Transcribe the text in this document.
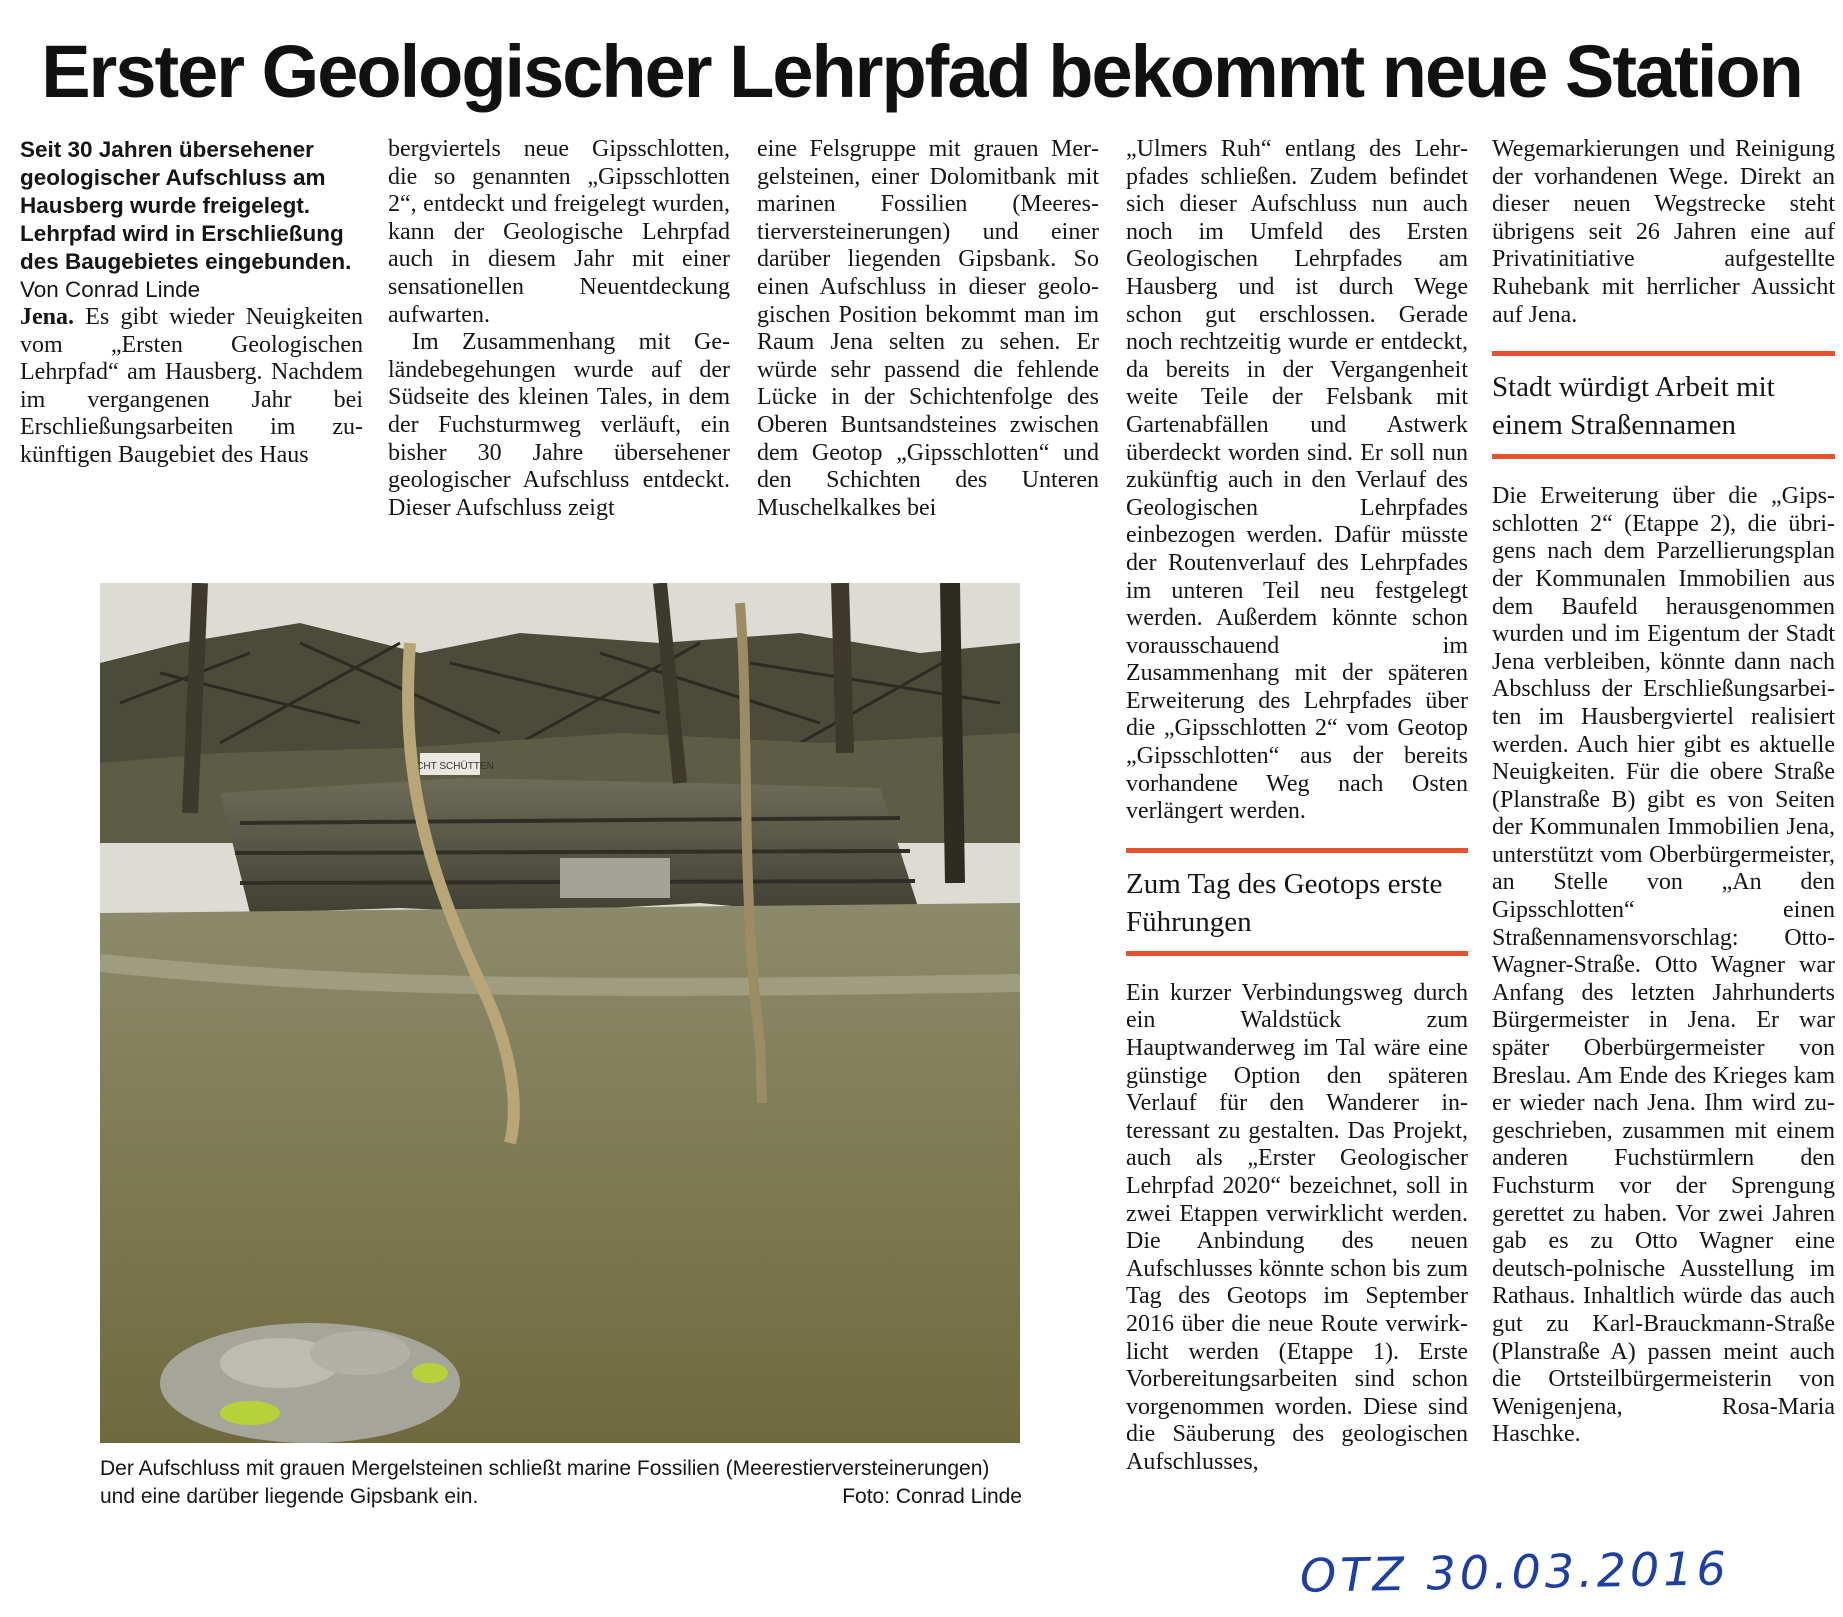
Erster Geologischer Lehrpfad bekommt neue Station

Seit 30 Jahren übersehener geologischer Aufschluss am Hausberg wurde freigelegt. Lehrpfad wird in Erschließung des Baugebietes eingebunden.

Von Conrad Linde

Jena. Es gibt wieder Neuigkeiten vom „Ersten Geologischen Lehrpfad“ am Hausberg. Nachdem im vergangenen Jahr bei Erschließungsarbeiten im zukünftigen Baugebiet des Haus

bergviertels neue Gipsschlotten, die so genannten „Gipsschlotten 2“, entdeckt und freigelegt wurden, kann der Geologische Lehrpfad auch in diesem Jahr mit einer sensationellen Neuentdeckung aufwarten.

Im Zusammenhang mit Geländebegehungen wurde auf der Südseite des kleinen Tales, in dem der Fuchsturmweg verläuft, ein bisher 30 Jahre übersehener geologischer Aufschluss entdeckt. Dieser Aufschluss zeigt

eine Felsgruppe mit grauen Mergelsteinen, einer Dolomitbank mit marinen Fossilien (Meerestierversteinerungen) und einer darüber liegenden Gipsbank. So einen Aufschluss in dieser geologischen Position bekommt man im Raum Jena selten zu sehen. Er würde sehr passend die fehlende Lücke in der Schichtenfolge des Oberen Buntsandsteines zwischen dem Geotop „Gipsschlotten“ und den Schichten des Unteren Muschelkalkes bei

„Ulmers Ruh“ entlang des Lehrpfades schließen. Zudem befindet sich dieser Aufschluss nun auch noch im Umfeld des Ersten Geologischen Lehrpfades am Hausberg und ist durch Wege schon gut erschlossen. Gerade noch rechtzeitig wurde er entdeckt, da bereits in der Vergangenheit weite Teile der Felsbank mit Gartenabfällen und Astwerk überdeckt worden sind. Er soll nun zukünftig auch in den Verlauf des Geologischen Lehrpfades einbezogen werden. Dafür müsste der Routenverlauf des Lehrpfades im unteren Teil neu festgelegt werden. Außerdem könnte schon vorausschauend im Zusammenhang mit der späteren Erweiterung des Lehrpfades über die „Gipsschlotten 2“ vom Geotop „Gipsschlotten“ aus der bereits vorhandene Weg nach Osten verlängert werden.

Zum Tag des Geotops erste Führungen

Ein kurzer Verbindungsweg durch ein Waldstück zum Hauptwanderweg im Tal wäre eine günstige Option den späteren Verlauf für den Wanderer interessant zu gestalten. Das Projekt, auch als „Erster Geologischer Lehrpfad 2020“ bezeichnet, soll in zwei Etappen verwirklicht werden. Die Anbindung des neuen Aufschlusses könnte schon bis zum Tag des Geotops im September 2016 über die neue Route verwirklicht werden (Etappe 1). Erste Vorbereitungsarbeiten sind schon vorgenommen worden. Diese sind die Säuberung des geologischen Aufschlusses,

Wegemarkierungen und Reinigung der vorhandenen Wege. Direkt an dieser neuen Wegstrecke steht übrigens seit 26 Jahren eine auf Privatinitiative aufgestellte Ruhebank mit herrlicher Aussicht auf Jena.

Stadt würdigt Arbeit mit einem Straßennamen

Die Erweiterung über die „Gipsschlotten 2“ (Etappe 2), die übrigens nach dem Parzellierungsplan der Kommunalen Immobilien aus dem Baufeld herausgenommen wurden und im Eigentum der Stadt Jena verbleiben, könnte dann nach Abschluss der Erschließungsarbeiten im Hausbergviertel realisiert werden. Auch hier gibt es aktuelle Neuigkeiten. Für die obere Straße (Planstraße B) gibt es von Seiten der Kommunalen Immobilien Jena, unterstützt vom Oberbürgermeister, an Stelle von „An den Gipsschlotten“ einen Straßennamensvorschlag: Otto-Wagner-Straße. Otto Wagner war Anfang des letzten Jahrhunderts Bürgermeister in Jena. Er war später Oberbürgermeister von Breslau. Am Ende des Krieges kam er wieder nach Jena. Ihm wird zugeschrieben, zusammen mit einem anderen Fuchstürmlern den Fuchsturm vor der Sprengung gerettet zu haben. Vor zwei Jahren gab es zu Otto Wagner eine deutsch-polnische Ausstellung im Rathaus. Inhaltlich würde das auch gut zu Karl-Brauckmann-Straße (Planstraße A) passen meint auch die Ortsteilbürgermeisterin von Wenigenjena, Rosa-Maria Haschke.

NICHT SCHÜTTEN
Der Aufschluss mit grauen Mergelsteinen schließt marine Fossilien (Meerestierversteinerungen) und eine darüber liegende Gipsbank ein.	Foto: Conrad Linde
OTZ 30.03.2016
